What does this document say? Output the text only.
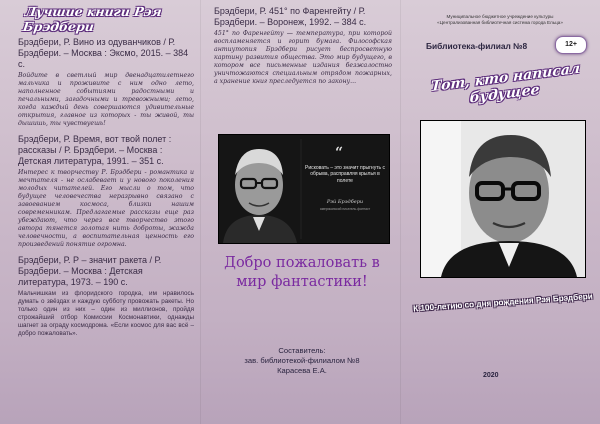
Лучшие книги Рэя Брэдбери

Брэдбери, Р. Вино из одуванчиков / Р. Брэдбери. – Москва : Эксмо, 2015. – 384 с.

Войдите в светлый мир двенадцатилетнего мальчика и проживите с ним одно лето, наполненное событиями радостными и печальными, загадочными и тревожными; лето, когда каждый день совершаются удивительные открытия, главное из которых - ты живой, ты дышишь, ты чувствуешь!

Брэдбери, Р. Время, вот твой полет : рассказы / Р. Брэдбери. – Москва : Детская литература, 1991. – 351 с.

Интерес к творчеству Р. Брэдбери - романтика и мечтателя - не ослабевает и у нового поколения молодых читателей. Его мысли о том, что будущее человечества неразрывно связано с завоеванием космоса, близки нашим современникам. Предлагаемые рассказы еще раз убеждают, что через все творчество этого автора тянется золотая нить доброты, жажда человечности, а воспитательная ценность его произведений понятие огромна.

Брэдбери, Р. Р – значит ракета / Р. Брэдбери. – Москва : Детская литература, 1973. – 190 с.

Мальчишкам из флоридского городка, им нравилось думать о звёздах и каждую субботу провожать ракеты. Но только один из них – один из миллионов, пройдя строжайший отбор Комиссии Космонавтики, однажды шагнет за ограду космодрома. «Если космос для вас всё – добро пожаловать».

Брэдбери, Р. 451° по Фаренгейту / Р. Брэдбери. – Воронеж, 1992. – 384 с.

451° по Фаренгейту — температура, при которой воспламеняется и горит бумага. Философская антиутопия Брэдбери рисует беспросветную картину развития общества. Это мир будущего, в котором все письменные издания безжалостно уничтожаются специальным отрядом пожарных, а хранение книг преследуется по закону...

“
Рисковать – это значит прыгнуть с обрыва, расправляя крылья в полете
Рэй Брэдбери
американский писатель-фантаст
Добро пожаловать в мир фантастики!
Составитель:
зав. библиотекой-филиалом №8
Карасева Е.А.
Муниципальное бюджетное учреждение культуры
«Централизованная библиотечная система города Ельца»
Библиотека-филиал №8	12+
Тот, кто написал будущее
К 100-летию со дня рождения Рэя Брэдбери
2020
